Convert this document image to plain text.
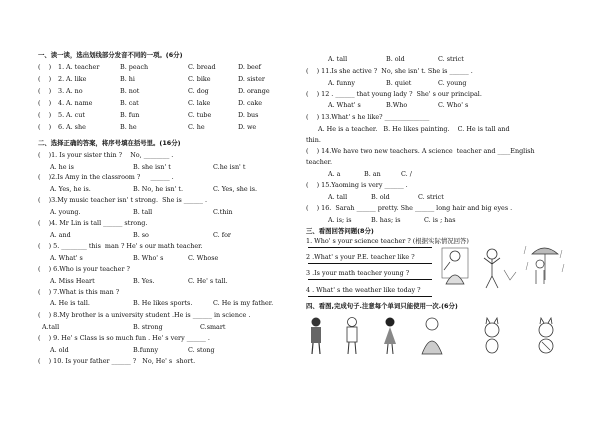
一、读一读，选出划线部分发音不同的一项。(6分)
(    ) 1. A. teacher	B. peach	C. bread	D. beef
(    ) 2. A. like	B. hi	C. bike	D. sister
(    ) 3. A. no	B. not	C. dog	D. orange
(    ) 4. A. name	B. cat	C. lake	D. cake
(    ) 5. A. cut	B. fun	C. tube	D. bus
(    ) 6. A. she	B. he	C. he	D. we
二、选择正确的答案，将序号填在括号里。(16分)
(    )1. Is your sister thin ?    No, ________ .
A. he is	B. she isn' t	C.he isn' t
(    )2.Is Amy in the classroom ?     ______ .
A. Yes, he is.	B. No, he isn' t.	C. Yes, she is.
(    )3.My music teacher isn' t strong.  She is ______ .
A. young.	B. tall	C.thin
(    )4. Mr Lin is tall ______ strong.
A. and	B. so	C. for
(    ) 5. ________ this  man ? He' s our math teacher.
A. What' s	B. Who' s	C. Whose
(    ) 6.Who is your teacher ?
A. Miss Heart	B. Yes.	C. He' s tall.
(    ) 7.What is this man ?
A. He is tall.	B. He likes sports.	C. He is my father.
(    ) 8.My brother is a university student .He is ______ in science .
A.tall	B. strong	C.smart
(    ) 9. He' s Class is so much fun . He' s very ______ .
A. old	B.funny	C. stong
(    ) 10. Is your father ______ ?   No, He' s  short.
A. tall	B. old	C. strict
(    ) 11.Is she active ?  No, she isn' t. She is ______ .
A. funny	B. quiet	C. young
(    ) 12 . ______ that young lady ?  She' s our principal.
A. What' s	B.Who	C. Who' s
(    ) 13.What' s he like? ______________
A. He is a teacher.   B. He likes painting.    C. He is tall and
thin.
(    ) 14.We have two new teachers. A science  teacher and ____English
teacher.
A. a	B. an	C. /
(    ) 15.Yaoming is very ______ .
A. tall	B. old	C. strict
(    ) 16.  Sarah ______ pretty. She ______ long hair and big eyes .
A. is; is	B. has; is	C. is ; has
三、看图回答问题(8分)
1. Who' s your science teacher ? (根据实际情况回答)
2 .What' s your P.E. teacher like ?
3 .Is your math teacher young ?
4 . What' s the weather like today ?
四、看图,完成句子.注意每个单词只能使用一次.(6分)
